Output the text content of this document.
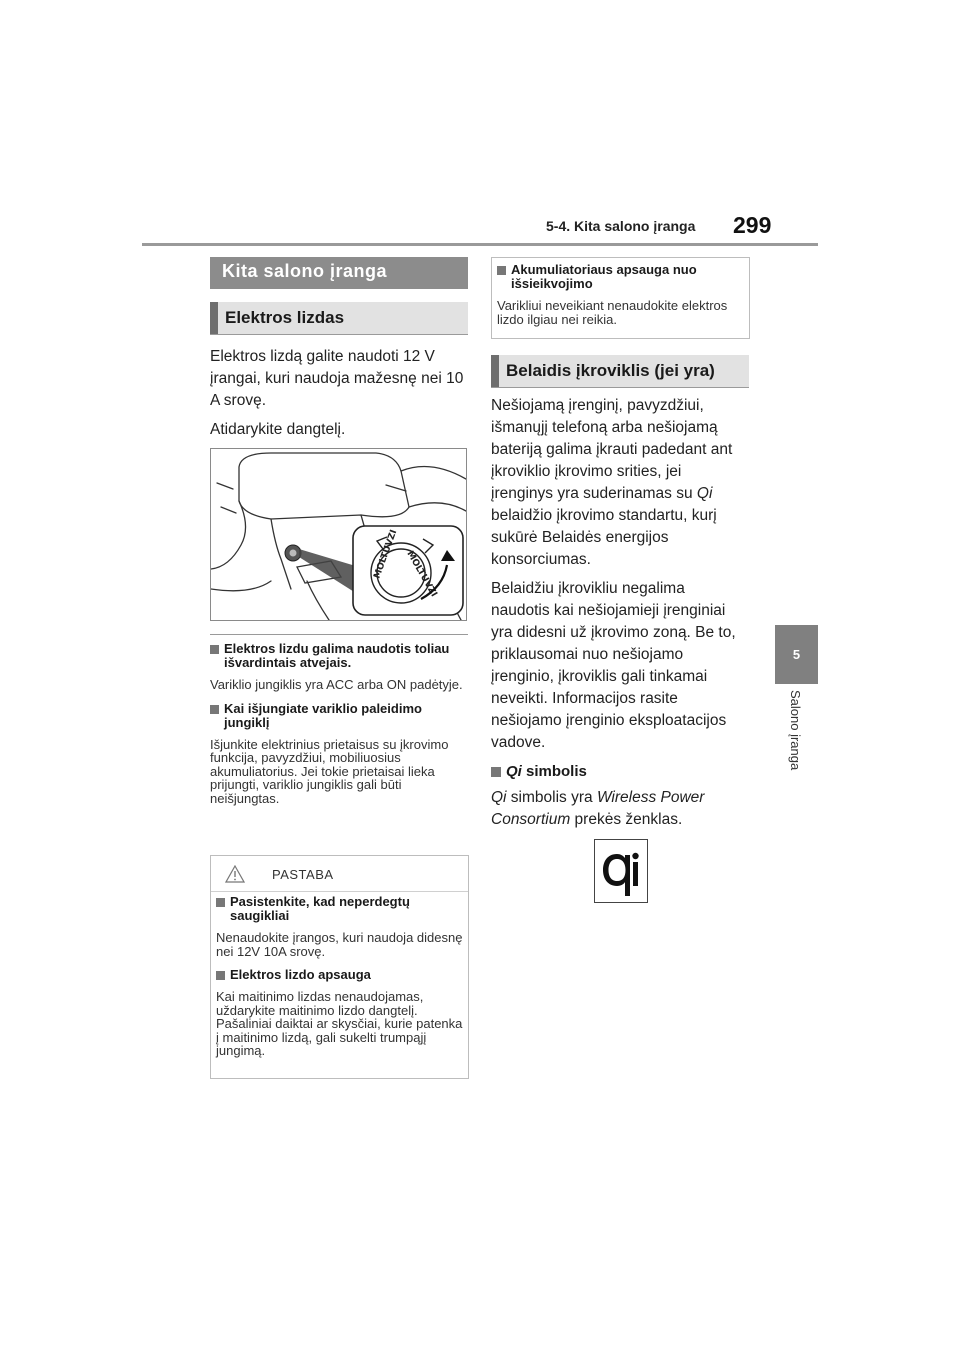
5-4. Kita salono įranga 299
5
Salono įranga
Kita salono įranga
Elektros lizdas

Elektros lizdą galite naudoti 12 V įrangai, kuri naudoja mažesnę nei 10 A srovę.

Atidarykite dangtelį.

MOLTUVZI MOLTUVZI
Elektros lizdu galima naudotis toliau išvardintais atvejais.
Variklio jungiklis yra ACC arba ON padėtyje.
Kai išjungiate variklio paleidimo jungiklį
Išjunkite elektrinius prietaisus su įkrovimo funkcija, pavyzdžiui, mobiliuosius akumuliatorius. Jei tokie prietaisai lieka prijungti, variklio jungiklis gali būti neišjungtas.
PASTABA
Pasistenkite, kad neperdegtų saugikliai
Nenaudokite įrangos, kuri naudoja didesnę nei 12V 10A srovę.
Elektros lizdo apsauga
Kai maitinimo lizdas nenaudojamas, uždarykite maitinimo lizdo dangtelį. Pašaliniai daiktai ar skysčiai, kurie patenka į maitinimo lizdą, gali sukelti trumpąjį jungimą.
Akumuliatoriaus apsauga nuo išsieikvojimo
Varikliui neveikiant nenaudokite elektros lizdo ilgiau nei reikia.
Belaidis įkroviklis (jei yra)

Nešiojamą įrenginį, pavyzdžiui, išmanųjį telefoną arba nešiojamą bateriją galima įkrauti padedant ant įkroviklio įkrovimo srities, jei įrenginys yra suderinamas su Qi belaidžio įkrovimo standartu, kurį sukūrė Belaidės energijos konsorciumas.

Belaidžiu įkrovikliu negalima naudotis kai nešiojamieji įrenginiai yra didesni už įkrovimo zoną. Be to, priklausomai nuo nešiojamo įrenginio, įkroviklis gali tinkamai neveikti. Informacijos rasite nešiojamo įrenginio eksploatacijos vadove.

Qi simbolis

Qi simbolis yra Wireless Power Consortium prekės ženklas.
